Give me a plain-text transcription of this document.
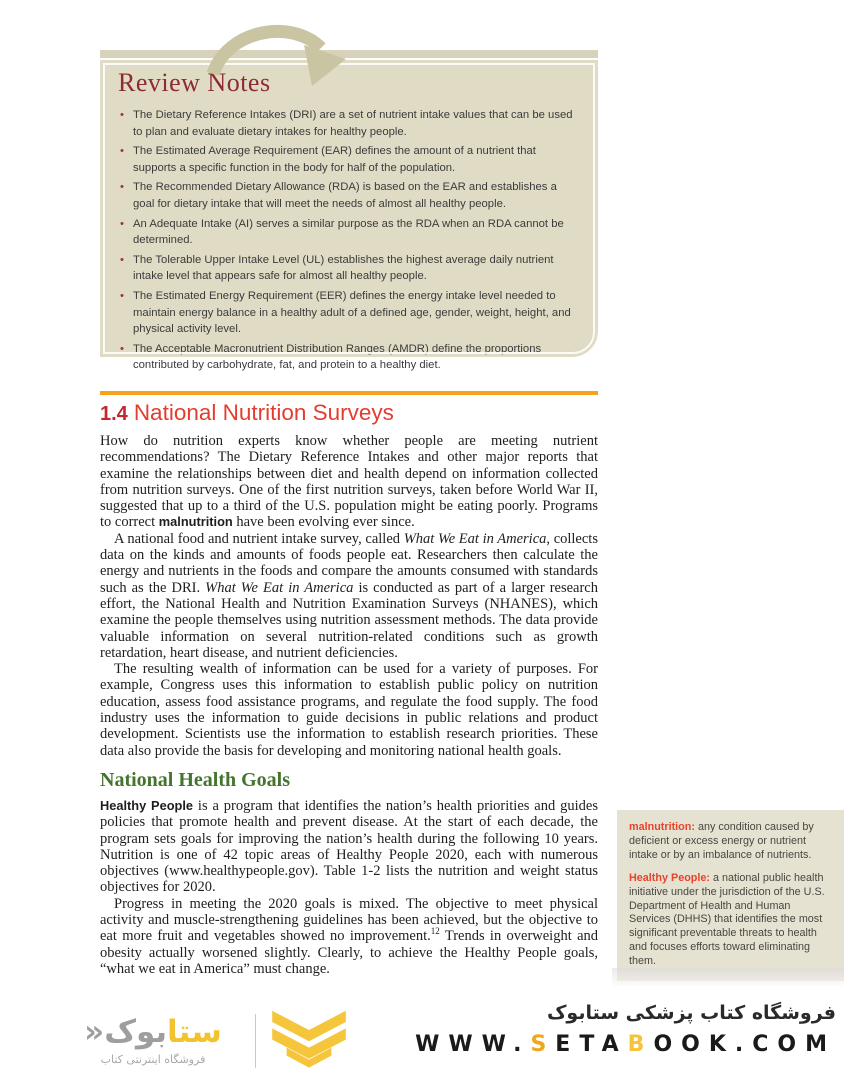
Review Notes
• The Dietary Reference Intakes (DRI) are a set of nutrient intake values that can be used to plan and evaluate dietary intakes for healthy people.
• The Estimated Average Requirement (EAR) defines the amount of a nutrient that supports a specific function in the body for half of the population.
• The Recommended Dietary Allowance (RDA) is based on the EAR and establishes a goal for dietary intake that will meet the needs of almost all healthy people.
• An Adequate Intake (AI) serves a similar purpose as the RDA when an RDA cannot be determined.
• The Tolerable Upper Intake Level (UL) establishes the highest average daily nutrient intake level that appears safe for almost all healthy people.
• The Estimated Energy Requirement (EER) defines the energy intake level needed to maintain energy balance in a healthy adult of a defined age, gender, weight, height, and physical activity level.
• The Acceptable Macronutrient Distribution Ranges (AMDR) define the proportions contributed by carbohydrate, fat, and protein to a healthy diet.
1.4 National Nutrition Surveys

How do nutrition experts know whether people are meeting nutrient recommendations? The Dietary Reference Intakes and other major reports that examine the relationships between diet and health depend on information collected from nutrition surveys. One of the first nutrition surveys, taken before World War II, suggested that up to a third of the U.S. population might be eating poorly. Programs to correct malnutrition have been evolving ever since.

A national food and nutrient intake survey, called What We Eat in America, collects data on the kinds and amounts of foods people eat. Researchers then calculate the energy and nutrients in the foods and compare the amounts consumed with standards such as the DRI. What We Eat in America is conducted as part of a larger research effort, the National Health and Nutrition Examination Surveys (NHANES), which examine the people themselves using nutrition assessment methods. The data provide valuable information on several nutrition-related conditions such as growth retardation, heart disease, and nutrient deficiencies.

The resulting wealth of information can be used for a variety of purposes. For example, Congress uses this information to establish public policy on nutrition education, assess food assistance programs, and regulate the food supply. The food industry uses the information to guide decisions in public relations and product development. Scientists use the information to establish research priorities. These data also provide the basis for developing and monitoring national health goals.

National Health Goals

Healthy People is a program that identifies the nation’s health priorities and guides policies that promote health and prevent disease. At the start of each decade, the program sets goals for improving the nation’s health during the following 10 years. Nutrition is one of 42 topic areas of Healthy People 2020, each with numerous objectives (www.healthypeople.gov). Table 1-2 lists the nutrition and weight status objectives for 2020.

Progress in meeting the 2020 goals is mixed. The objective to meet physical activity and muscle-strengthening guidelines has been achieved, but the objective to eat more fruit and vegetables showed no improvement.$^{12}$ Trends in overweight and obesity actually worsened slightly. Clearly, to achieve the Healthy People goals, “what we eat in America” must change.

malnutrition: any condition caused by deficient or excess energy or nutrient intake or by an imbalance of nutrients.

Healthy People: a national public health initiative under the jurisdiction of the U.S. Department of Health and Human Services (DHHS) that identifies the most significant preventable threats to health and focuses efforts toward eliminating them.

ستابوک«
فروشگاه اینترنتی کتاب
فروشگاه کتاب پزشکی ستابوک
WWW.SETABOOK.COM
